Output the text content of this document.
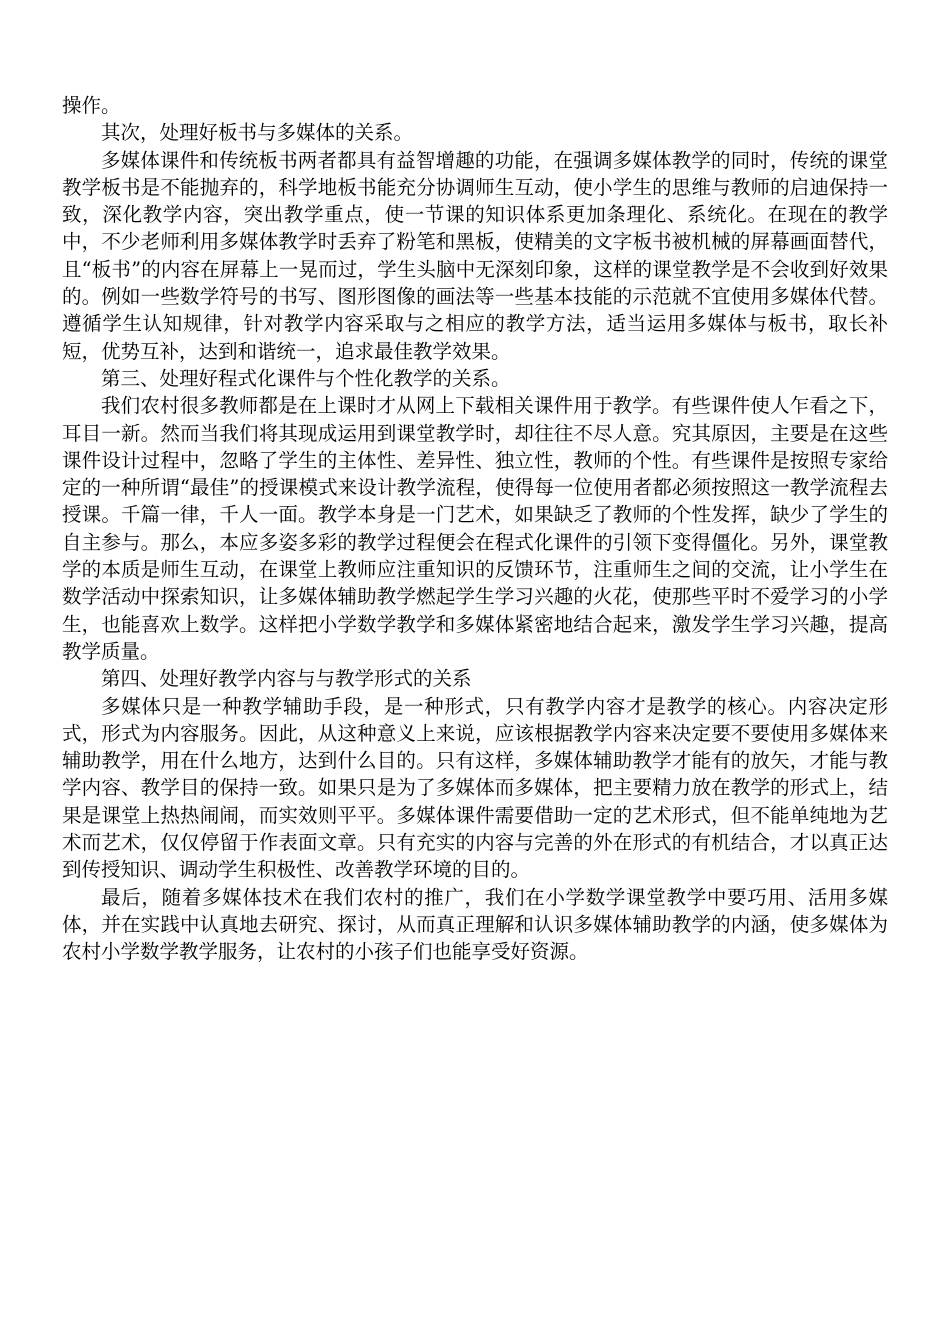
操作。

其次，处理好板书与多媒体的关系。

多媒体课件和传统板书两者都具有益智增趣的功能，在强调多媒体教学的同时，传统的课堂教学板书是不能抛弃的，科学地板书能充分协调师生互动，使小学生的思维与教师的启迪保持一致，深化教学内容，突出教学重点，使一节课的知识体系更加条理化、系统化。在现在的教学中，不少老师利用多媒体教学时丢弃了粉笔和黑板，使精美的文字板书被机械的屏幕画面替代，且“板书”的内容在屏幕上一晃而过，学生头脑中无深刻印象，这样的课堂教学是不会收到好效果的。例如一些数学符号的书写、图形图像的画法等一些基本技能的示范就不宜使用多媒体代替。遵循学生认知规律，针对教学内容采取与之相应的教学方法，适当运用多媒体与板书，取长补短，优势互补，达到和谐统一，追求最佳教学效果。

第三、处理好程式化课件与个性化教学的关系。

我们农村很多教师都是在上课时才从网上下载相关课件用于教学。有些课件使人乍看之下，耳目一新。然而当我们将其现成运用到课堂教学时，却往往不尽人意。究其原因，主要是在这些课件设计过程中，忽略了学生的主体性、差异性、独立性，教师的个性。有些课件是按照专家给定的一种所谓“最佳”的授课模式来设计教学流程，使得每一位使用者都必须按照这一教学流程去授课。千篇一律，千人一面。教学本身是一门艺术，如果缺乏了教师的个性发挥，缺少了学生的自主参与。那么，本应多姿多彩的教学过程便会在程式化课件的引领下变得僵化。另外，课堂教学的本质是师生互动，在课堂上教师应注重知识的反馈环节，注重师生之间的交流，让小学生在数学活动中探索知识，让多媒体辅助教学燃起学生学习兴趣的火花，使那些平时不爱学习的小学生，也能喜欢上数学。这样把小学数学教学和多媒体紧密地结合起来，激发学生学习兴趣，提高教学质量。

第四、处理好教学内容与与教学形式的关系

多媒体只是一种教学辅助手段，是一种形式，只有教学内容才是教学的核心。内容决定形式，形式为内容服务。因此，从这种意义上来说，应该根据教学内容来决定要不要使用多媒体来辅助教学，用在什么地方，达到什么目的。只有这样，多媒体辅助教学才能有的放矢，才能与教学内容、教学目的保持一致。如果只是为了多媒体而多媒体，把主要精力放在教学的形式上，结果是课堂上热热闹闹，而实效则平平。多媒体课件需要借助一定的艺术形式，但不能单纯地为艺术而艺术，仅仅停留于作表面文章。只有充实的内容与完善的外在形式的有机结合，才以真正达到传授知识、调动学生积极性、改善教学环境的目的。

最后，随着多媒体技术在我们农村的推广，我们在小学数学课堂教学中要巧用、活用多媒体，并在实践中认真地去研究、探讨，从而真正理解和认识多媒体辅助教学的内涵，使多媒体为农村小学数学教学服务，让农村的小孩子们也能享受好资源。
